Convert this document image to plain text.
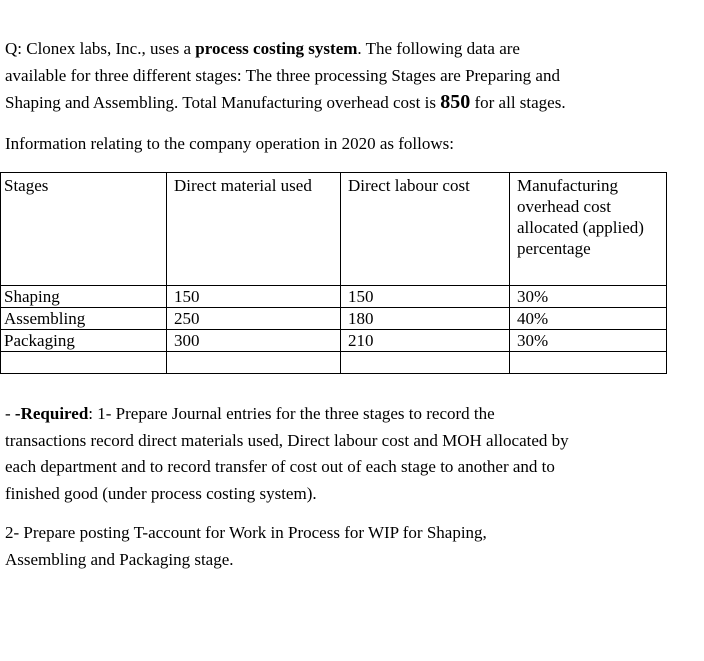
Q: Clonex labs, Inc., uses a process costing system. The following data are
available for three different stages: The three processing Stages are Preparing and
Shaping and Assembling. Total Manufacturing overhead cost is 850 for all stages.

Information relating to the company operation in 2020 as follows:

Stages	Direct material used	Direct labour cost	Manufacturing overhead cost allocated (applied) percentage
Shaping	150	150	30%
Assembling	250	180	40%
Packaging	300	210	30%

- -Required: 1- Prepare Journal entries for the three stages to record the
transactions record direct materials used, Direct labour cost and MOH allocated by
each department and to record transfer of cost out of each stage to another and to
finished good (under process costing system).

2- Prepare posting T-account for Work in Process for WIP for Shaping,
Assembling and Packaging stage.
